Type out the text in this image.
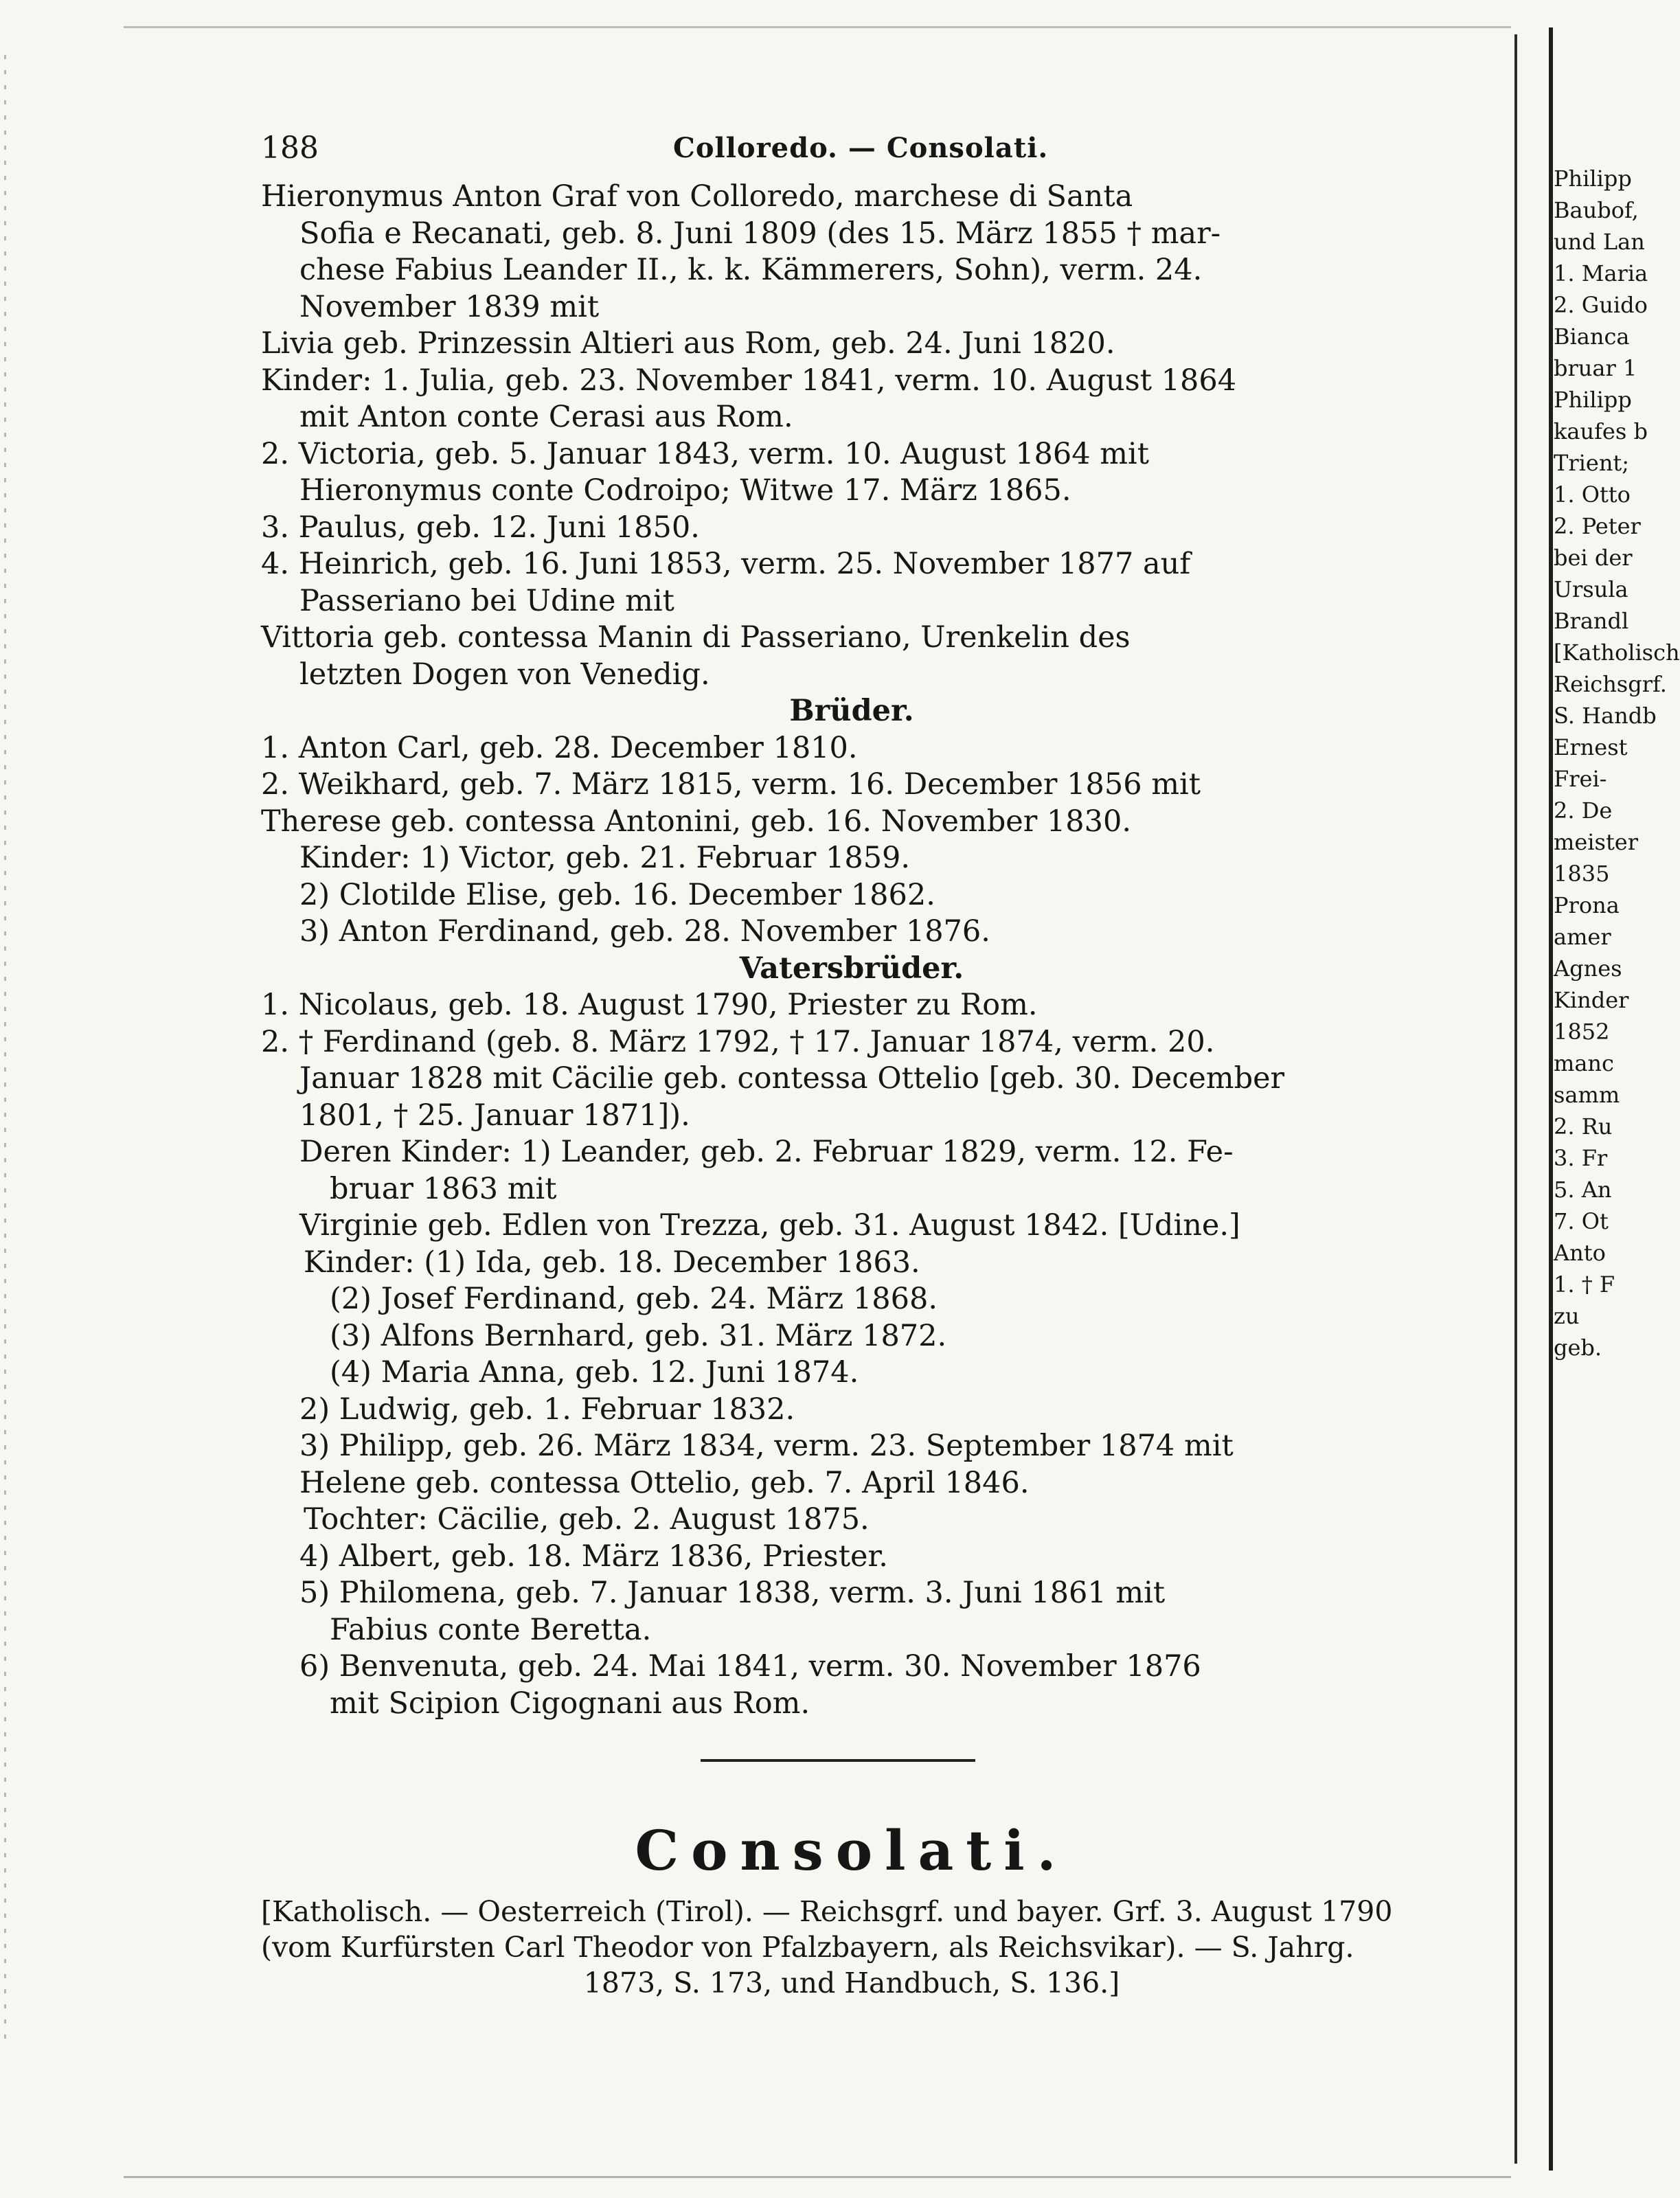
188	Colloredo. — Consolati.
Hieronymus Anton Graf von Colloredo, marchese di Santa
Sofia e Recanati, geb. 8. Juni 1809 (des 15. März 1855 † mar-
chese Fabius Leander II., k. k. Kämmerers, Sohn), verm. 24.
November 1839 mit
Livia geb. Prinzessin Altieri aus Rom, geb. 24. Juni 1820.
Kinder: 1. Julia, geb. 23. November 1841, verm. 10. August 1864
mit Anton conte Cerasi aus Rom.
2. Victoria, geb. 5. Januar 1843, verm. 10. August 1864 mit
Hieronymus conte Codroipo; Witwe 17. März 1865.
3. Paulus, geb. 12. Juni 1850.
4. Heinrich, geb. 16. Juni 1853, verm. 25. November 1877 auf
Passeriano bei Udine mit
Vittoria geb. contessa Manin di Passeriano, Urenkelin des
letzten Dogen von Venedig.
Brüder.
1. Anton Carl, geb. 28. December 1810.
2. Weikhard, geb. 7. März 1815, verm. 16. December 1856 mit
Therese geb. contessa Antonini, geb. 16. November 1830.
Kinder: 1) Victor, geb. 21. Februar 1859.
2) Clotilde Elise, geb. 16. December 1862.
3) Anton Ferdinand, geb. 28. November 1876.
Vatersbrüder.
1. Nicolaus, geb. 18. August 1790, Priester zu Rom.
2. † Ferdinand (geb. 8. März 1792, † 17. Januar 1874, verm. 20.
Januar 1828 mit Cäcilie geb. contessa Ottelio [geb. 30. December
1801, † 25. Januar 1871]).
Deren Kinder: 1) Leander, geb. 2. Februar 1829, verm. 12. Fe-
bruar 1863 mit
Virginie geb. Edlen von Trezza, geb. 31. August 1842. [Udine.]
Kinder: (1) Ida, geb. 18. December 1863.
(2) Josef Ferdinand, geb. 24. März 1868.
(3) Alfons Bernhard, geb. 31. März 1872.
(4) Maria Anna, geb. 12. Juni 1874.
2) Ludwig, geb. 1. Februar 1832.
3) Philipp, geb. 26. März 1834, verm. 23. September 1874 mit
Helene geb. contessa Ottelio, geb. 7. April 1846.
Tochter: Cäcilie, geb. 2. August 1875.
4) Albert, geb. 18. März 1836, Priester.
5) Philomena, geb. 7. Januar 1838, verm. 3. Juni 1861 mit
Fabius conte Beretta.
6) Benvenuta, geb. 24. Mai 1841, verm. 30. November 1876
mit Scipion Cigognani aus Rom.
Consolati.
[Katholisch. — Oesterreich (Tirol). — Reichsgrf. und bayer. Grf. 3. August 1790
(vom Kurfürsten Carl Theodor von Pfalzbayern, als Reichsvikar). — S. Jahrg.
1873, S. 173, und Handbuch, S. 136.]
Philipp
Baubof,
und Lan
1. Maria
2. Guido
Bianca
bruar 1
Philipp
kaufes b
Trient;
1. Otto
2. Peter
bei der
Ursula
Brandl
[Katholisch
Reichsgrf.
S. Handb
Ernest
Frei-
2. De
meister
1835
Prona
amer
Agnes
Kinder
1852
manc
samm
2. Ru
3. Fr
5. An
7. Ot
Anto
1. † F
zu
geb.
